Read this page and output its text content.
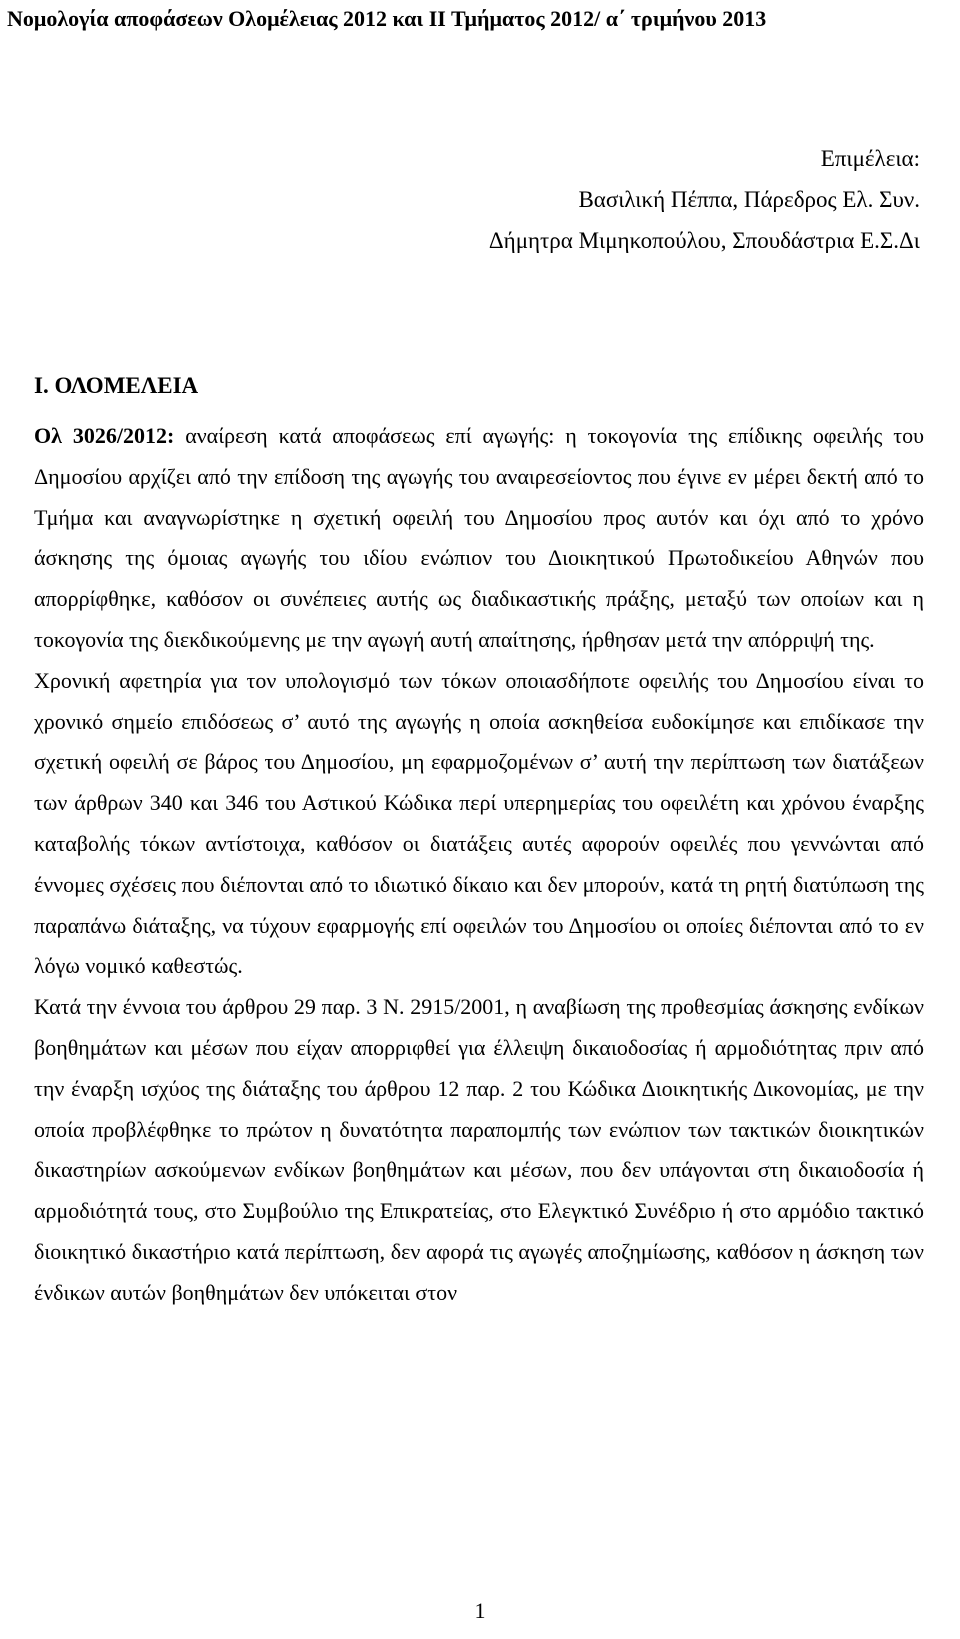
Νομολογία αποφάσεων Ολομέλειας 2012 και ΙΙ Τμήματος 2012/ α΄ τριμήνου 2013
Επιμέλεια:
Βασιλική Πέππα, Πάρεδρος Ελ. Συν.
Δήμητρα Μιμηκοπούλου, Σπουδάστρια Ε.Σ.Δι
Ι. ΟΛΟΜΕΛΕΙΑ

Ολ 3026/2012: αναίρεση κατά αποφάσεως επί αγωγής: η τοκογονία της επίδικης οφειλής του Δημοσίου αρχίζει από την επίδοση της αγωγής του αναιρεσείοντος που έγινε εν μέρει δεκτή από το Τμήμα και αναγνωρίστηκε η σχετική οφειλή του Δημοσίου προς αυτόν και όχι από το χρόνο άσκησης της όμοιας αγωγής του ιδίου ενώπιον του Διοικητικού Πρωτοδικείου Αθηνών που απορρίφθηκε, καθόσον οι συνέπειες αυτής ως διαδικαστικής πράξης, μεταξύ των οποίων και η τοκογονία της διεκδικούμενης με την αγωγή αυτή απαίτησης, ήρθησαν μετά την απόρριψή της.

Χρονική αφετηρία για τον υπολογισμό των τόκων οποιασδήποτε οφειλής του Δημοσίου είναι το χρονικό σημείο επιδόσεως σ’ αυτό της αγωγής η οποία ασκηθείσα ευδοκίμησε και επιδίκασε την σχετική οφειλή σε βάρος του Δημοσίου, μη εφαρμοζομένων σ’ αυτή την περίπτωση των διατάξεων των άρθρων 340 και 346 του Αστικού Κώδικα περί υπερημερίας του οφειλέτη και χρόνου έναρξης καταβολής τόκων αντίστοιχα, καθόσον οι διατάξεις αυτές αφορούν οφειλές που γεννώνται από έννομες σχέσεις που διέπονται από το ιδιωτικό δίκαιο και δεν μπορούν, κατά τη ρητή διατύπωση της παραπάνω διάταξης, να τύχουν εφαρμογής επί οφειλών του Δημοσίου οι οποίες διέπονται από το εν λόγω νομικό καθεστώς.

Κατά την έννοια του άρθρου 29 παρ. 3 Ν. 2915/2001, η αναβίωση της προθεσμίας άσκησης ενδίκων βοηθημάτων και μέσων που είχαν απορριφθεί για έλλειψη δικαιοδοσίας ή αρμοδιότητας πριν από την έναρξη ισχύος της διάταξης του άρθρου 12 παρ. 2 του Κώδικα Διοικητικής Δικονομίας, με την οποία προβλέφθηκε το πρώτον η δυνατότητα παραπομπής των ενώπιον των τακτικών διοικητικών δικαστηρίων ασκούμενων ενδίκων βοηθημάτων και μέσων, που δεν υπάγονται στη δικαιοδοσία ή αρμοδιότητά τους, στο Συμβούλιο της Επικρατείας, στο Ελεγκτικό Συνέδριο ή στο αρμόδιο τακτικό διοικητικό δικαστήριο κατά περίπτωση, δεν αφορά τις αγωγές αποζημίωσης, καθόσον η άσκηση των ένδικων αυτών βοηθημάτων δεν υπόκειται στον

1
